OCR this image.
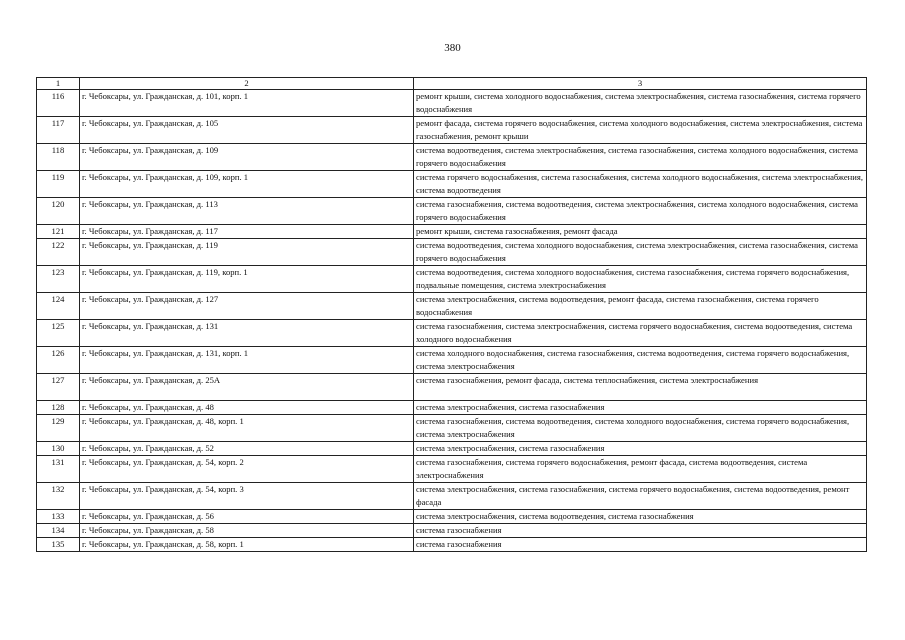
380
1	2	3
116	г. Чебоксары, ул. Гражданская, д. 101, корп. 1	ремонт крыши, система холодного водоснабжения, система электроснабжения, система газоснабжения, система горячего водоснабжения
117	г. Чебоксары, ул. Гражданская, д. 105	ремонт фасада, система горячего водоснабжения, система холодного водоснабжения, система электроснабжения, система газоснабжения, ремонт крыши
118	г. Чебоксары, ул. Гражданская, д. 109	система водоотведения, система электроснабжения, система газоснабжения, система холодного водоснабжения, система горячего водоснабжения
119	г. Чебоксары, ул. Гражданская, д. 109, корп. 1	система горячего водоснабжения, система газоснабжения, система холодного водоснабжения, система электроснабжения, система водоотведения
120	г. Чебоксары, ул. Гражданская, д. 113	система газоснабжения, система водоотведения, система электроснабжения, система холодного водоснабжения, система горячего водоснабжения
121	г. Чебоксары, ул. Гражданская, д. 117	ремонт крыши, система газоснабжения, ремонт фасада
122	г. Чебоксары, ул. Гражданская, д. 119	система водоотведения, система холодного водоснабжения, система электроснабжения, система газоснабжения, система горячего водоснабжения
123	г. Чебоксары, ул. Гражданская, д. 119, корп. 1	система водоотведения, система холодного водоснабжения, система газоснабжения, система горячего водоснабжения, подвальные помещения, система электроснабжения
124	г. Чебоксары, ул. Гражданская, д. 127	система электроснабжения, система водоотведения, ремонт фасада, система газоснабжения, система горячего водоснабжения
125	г. Чебоксары, ул. Гражданская, д. 131	система газоснабжения, система электроснабжения, система горячего водоснабжения, система водоотведения, система холодного водоснабжения
126	г. Чебоксары, ул. Гражданская, д. 131, корп. 1	система холодного водоснабжения, система газоснабжения, система водоотведения, система горячего водоснабжения, система электроснабжения
127	г. Чебоксары, ул. Гражданская, д. 25А	система газоснабжения, ремонт фасада, система теплоснабжения, система электроснабжения
128	г. Чебоксары, ул. Гражданская, д. 48	система электроснабжения, система газоснабжения
129	г. Чебоксары, ул. Гражданская, д. 48, корп. 1	система газоснабжения, система водоотведения, система холодного водоснабжения, система горячего водоснабжения, система электроснабжения
130	г. Чебоксары, ул. Гражданская, д. 52	система электроснабжения, система газоснабжения
131	г. Чебоксары, ул. Гражданская, д. 54, корп. 2	система газоснабжения, система горячего водоснабжения, ремонт фасада, система водоотведения, система электроснабжения
132	г. Чебоксары, ул. Гражданская, д. 54, корп. 3	система электроснабжения, система газоснабжения, система горячего водоснабжения, система водоотведения, ремонт фасада
133	г. Чебоксары, ул. Гражданская, д. 56	система электроснабжения, система водоотведения, система газоснабжения
134	г. Чебоксары, ул. Гражданская, д. 58	система газоснабжения
135	г. Чебоксары, ул. Гражданская, д. 58, корп. 1	система газоснабжения
